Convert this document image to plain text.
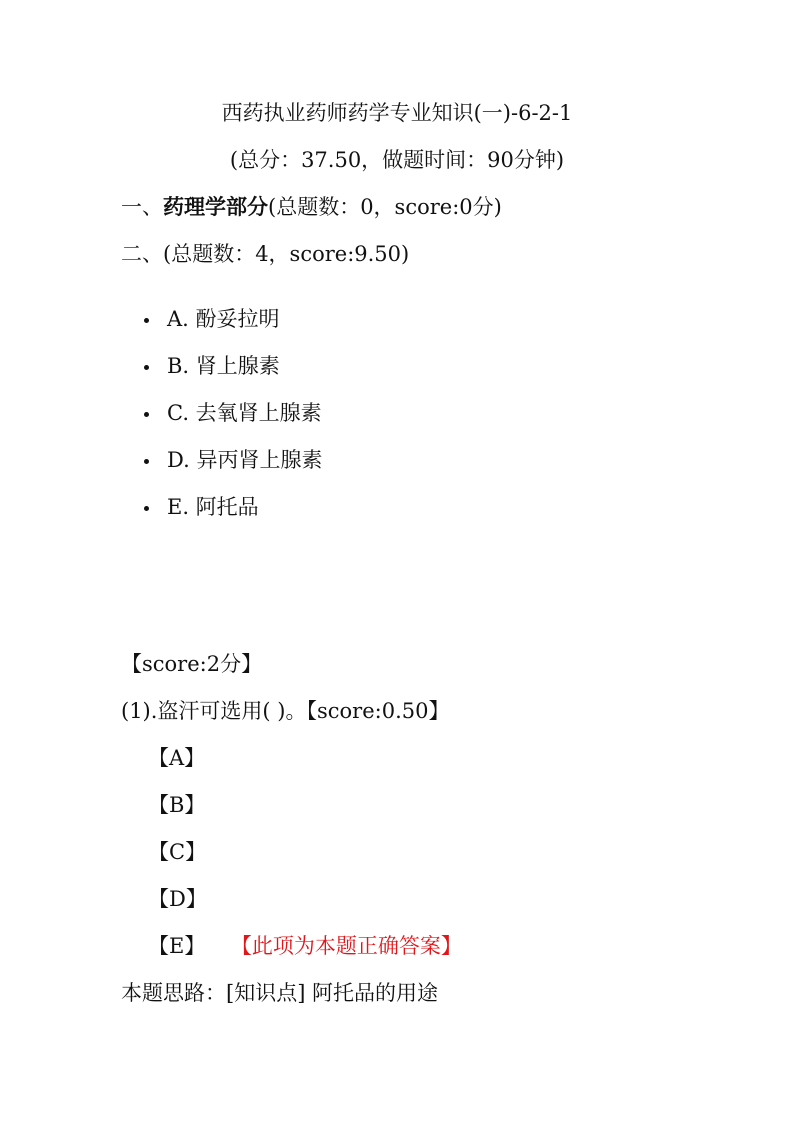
西药执业药师药学专业知识(一)-6-2-1
(总分：37.50，做题时间：90分钟)
一、药理学部分(总题数：0，score:0分)
二、(总题数：4，score:9.50)
A. 酚妥拉明
B. 肾上腺素
C. 去氧肾上腺素
D. 异丙肾上腺素
E. 阿托品
【score:2分】
(1).盗汗可选用( )。【score:0.50】
【A】
【B】
【C】
【D】
【E】 【此项为本题正确答案】
本题思路：[知识点] 阿托品的用途
